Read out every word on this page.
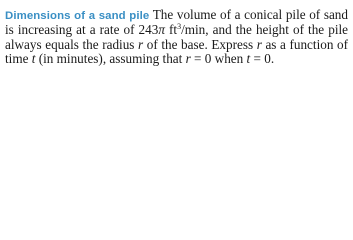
Dimensions of a sand pile The volume of a conical pile of sand is increasing at a rate of 243π $ft^3/\min$, and the height of the pile always equals the radius r of the base. Express r as a function of time t (in minutes), assuming that r = 0 when t = 0.
